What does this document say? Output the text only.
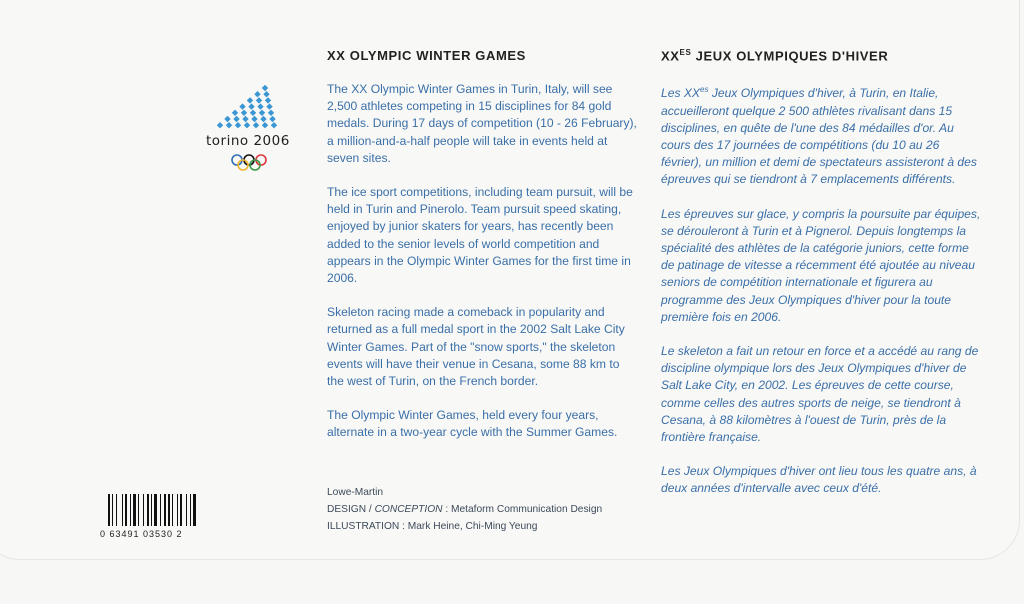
torino 2006
0 63491 03530 2
XX OLYMPIC WINTER GAMES

The XX Olympic Winter Games in Turin, Italy, will see 2,500 athletes competing in 15 disciplines for 84 gold medals. During 17 days of competition (10 - 26 February), a million-and-a-half people will take in events held at seven sites.

The ice sport competitions, including team pursuit, will be held in Turin and Pinerolo. Team pursuit speed skating, enjoyed by junior skaters for years, has recently been added to the senior levels of world competition and appears in the Olympic Winter Games for the first time in 2006.

Skeleton racing made a comeback in popularity and returned as a full medal sport in the 2002 Salt Lake City Winter Games. Part of the "snow sports," the skeleton events will have their venue in Cesana, some 88 km to the west of Turin, on the French border.

The Olympic Winter Games, held every four years, alternate in a two-year cycle with the Summer Games.

$XX^{ES}$ JEUX OLYMPIQUES D'HIVER

Les $XX^{es}$ Jeux Olympiques d'hiver, à Turin, en Italie, accueilleront quelque 2 500 athlètes rivalisant dans 15 disciplines, en quête de l'une des 84 médailles d'or. Au cours des 17 journées de compétitions (du 10 au 26 février), un million et demi de spectateurs assisteront à des épreuves qui se tiendront à 7 emplacements différents.

Les épreuves sur glace, y compris la poursuite par équipes, se dérouleront à Turin et à Pignerol. Depuis longtemps la spécialité des athlètes de la catégorie juniors, cette forme de patinage de vitesse a récemment été ajoutée au niveau seniors de compétition internationale et figurera au programme des Jeux Olympiques d'hiver pour la toute première fois en 2006.

Le skeleton a fait un retour en force et a accédé au rang de discipline olympique lors des Jeux Olympiques d'hiver de Salt Lake City, en 2002. Les épreuves de cette course, comme celles des autres sports de neige, se tiendront à Cesana, à 88 kilomètres à l'ouest de Turin, près de la frontière française.

Les Jeux Olympiques d'hiver ont lieu tous les quatre ans, à deux années d'intervalle avec ceux d'été.

Lowe-Martin
DESIGN / CONCEPTION : Metaform Communication Design
ILLUSTRATION : Mark Heine, Chi-Ming Yeung
